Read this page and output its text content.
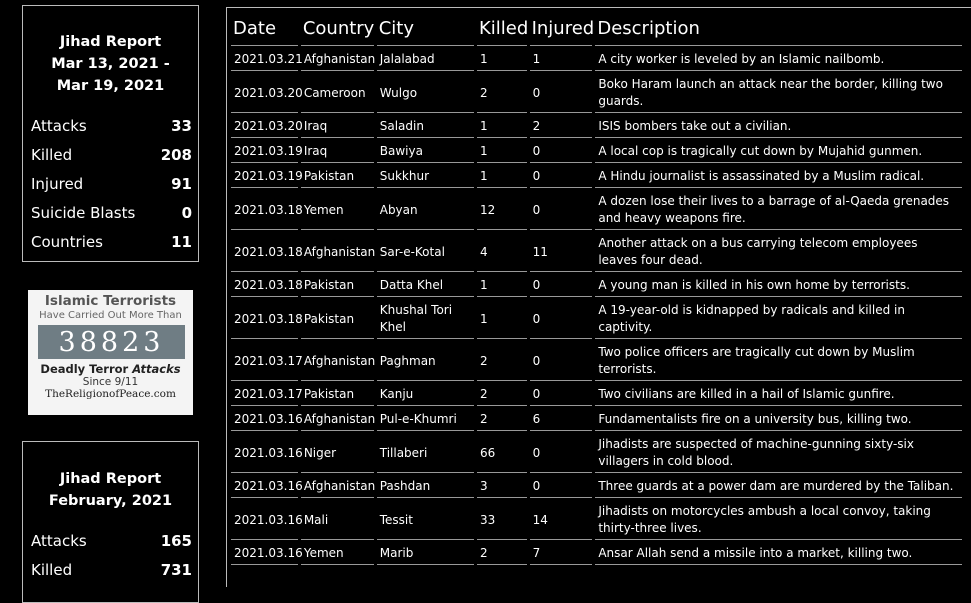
Jihad Report
Mar 13, 2021 -
Mar 19, 2021
Attacks	33
Killed	208
Injured	91
Suicide Blasts	0
Countries	11
Islamic Terrorists
Have Carried Out More Than
38823
Deadly Terror Attacks
Since 9/11
TheReligionofPeace.com
Jihad Report
February, 2021
Attacks	165
Killed	731
Date	Country	City	Killed	Injured	Description
2021.03.21	Afghanistan	Jalalabad	1	1	A city worker is leveled by an Islamic nailbomb.
2021.03.20	Cameroon	Wulgo	2	0	Boko Haram launch an attack near the border, killing two guards.
2021.03.20	Iraq	Saladin	1	2	ISIS bombers take out a civilian.
2021.03.19	Iraq	Bawiya	1	0	A local cop is tragically cut down by Mujahid gunmen.
2021.03.19	Pakistan	Sukkhur	1	0	A Hindu journalist is assassinated by a Muslim radical.
2021.03.18	Yemen	Abyan	12	0	A dozen lose their lives to a barrage of al-Qaeda grenades and heavy weapons fire.
2021.03.18	Afghanistan	Sar-e-Kotal	4	11	Another attack on a bus carrying telecom employees leaves four dead.
2021.03.18	Pakistan	Datta Khel	1	0	A young man is killed in his own home by terrorists.
2021.03.18	Pakistan	Khushal Tori Khel	1	0	A 19-year-old is kidnapped by radicals and killed in captivity.
2021.03.17	Afghanistan	Paghman	2	0	Two police officers are tragically cut down by Muslim terrorists.
2021.03.17	Pakistan	Kanju	2	0	Two civilians are killed in a hail of Islamic gunfire.
2021.03.16	Afghanistan	Pul-e-Khumri	2	6	Fundamentalists fire on a university bus, killing two.
2021.03.16	Niger	Tillaberi	66	0	Jihadists are suspected of machine-gunning sixty-six villagers in cold blood.
2021.03.16	Afghanistan	Pashdan	3	0	Three guards at a power dam are murdered by the Taliban.
2021.03.16	Mali	Tessit	33	14	Jihadists on motorcycles ambush a local convoy, taking thirty-three lives.
2021.03.16	Yemen	Marib	2	7	Ansar Allah send a missile into a market, killing two.
